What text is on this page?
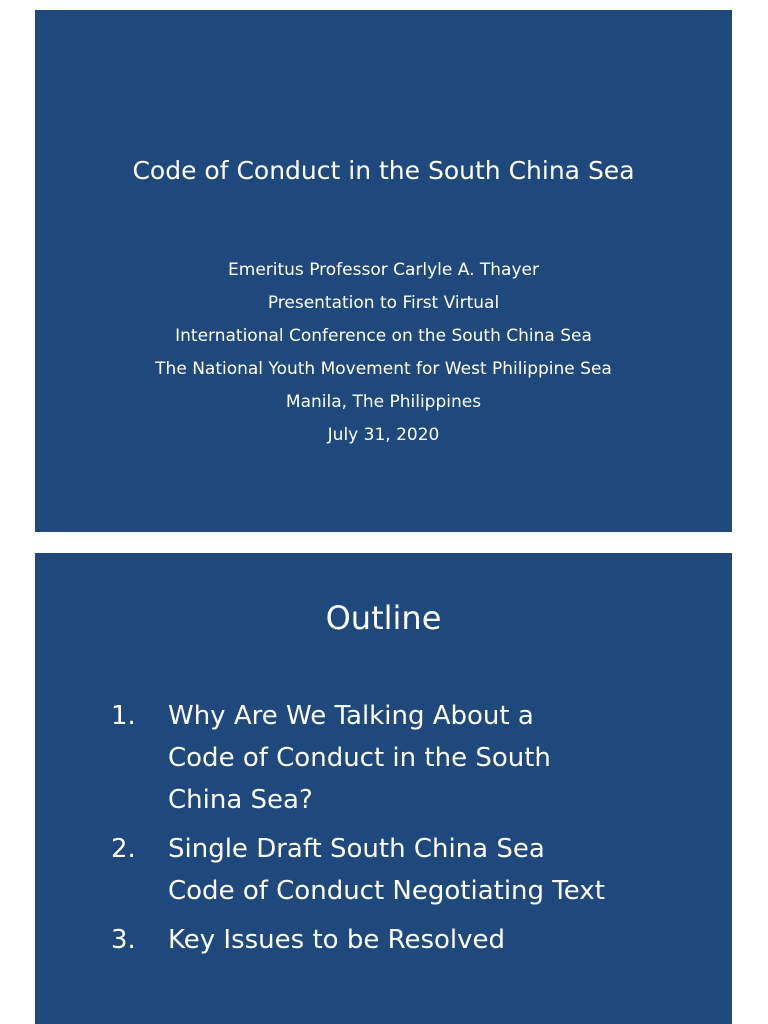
Code of Conduct in the South China Sea
Emeritus Professor Carlyle A. Thayer
Presentation to First Virtual
International Conference on the South China Sea
The National Youth Movement for West Philippine Sea
Manila, The Philippines
July 31, 2020
Outline
1. Why Are We Talking About a Code of Conduct in the South China Sea?
2. Single Draft South China Sea Code of Conduct Negotiating Text
3. Key Issues to be Resolved
